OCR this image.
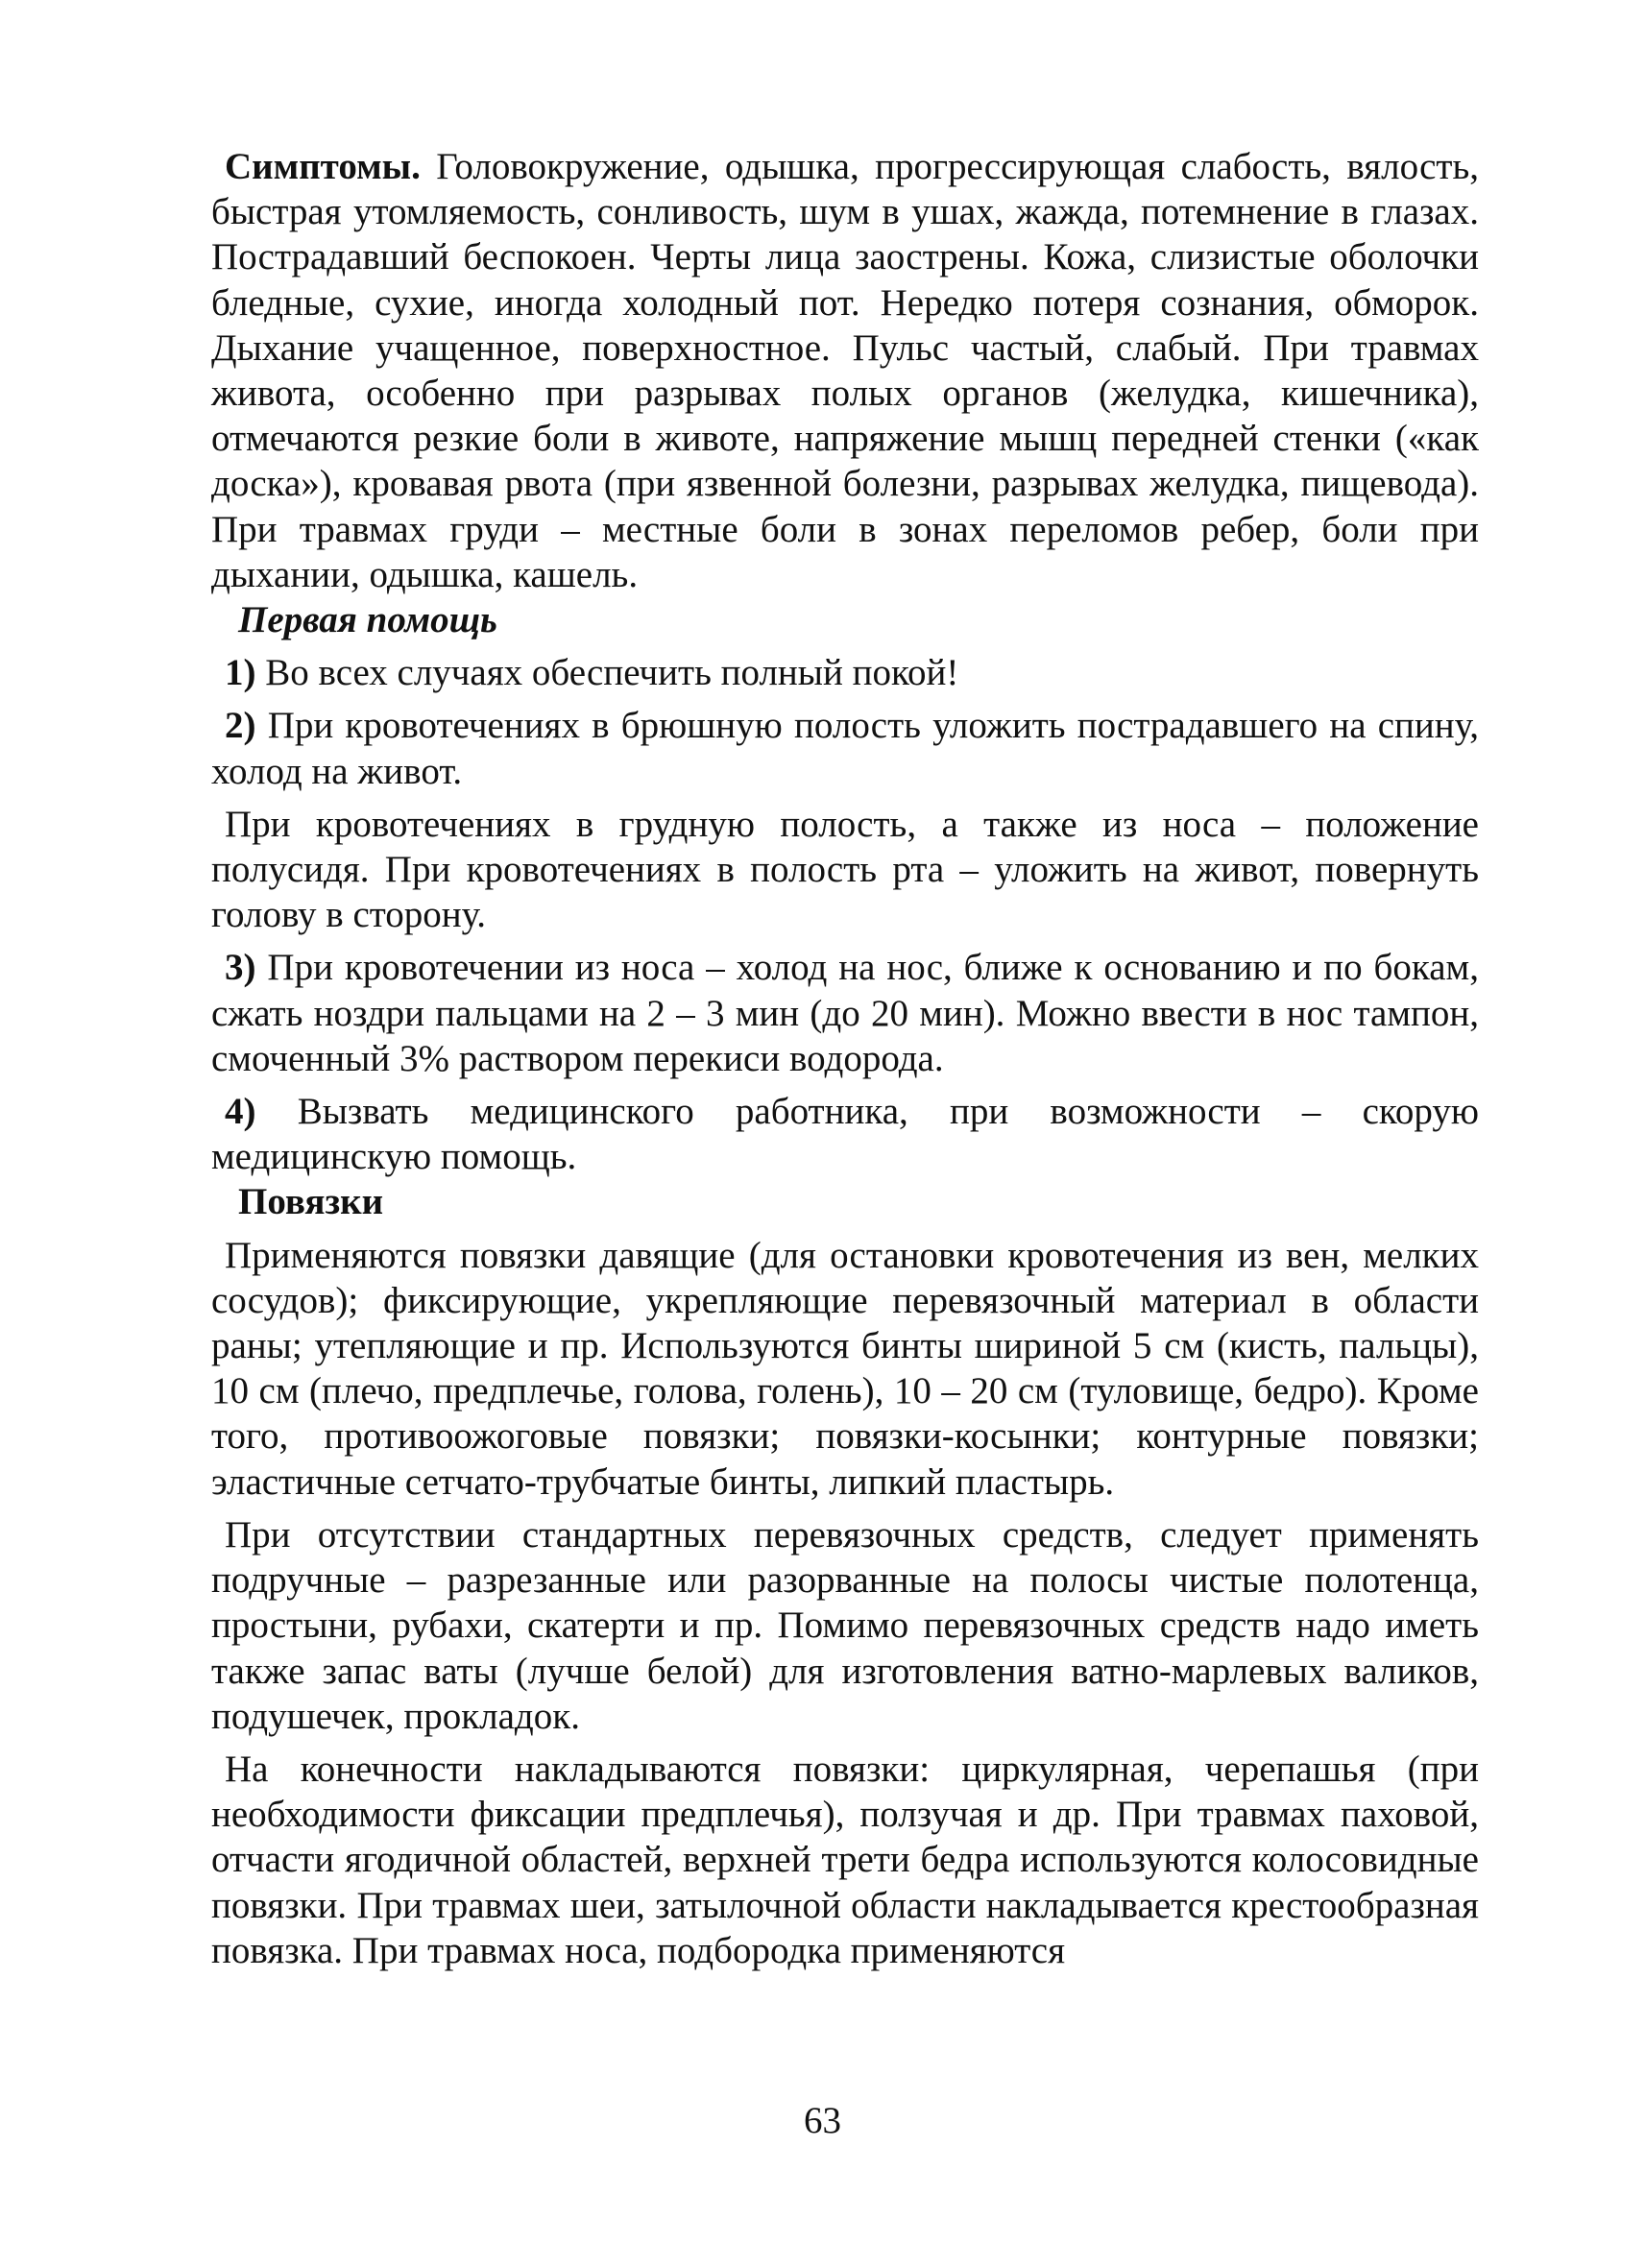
Симптомы. Головокружение, одышка, прогрессирующая слабость, вялость, быстрая утомляемость, сонливость, шум в ушах, жажда, потемнение в глазах. Пострадавший беспокоен. Черты лица заострены. Кожа, слизистые оболочки бледные, сухие, иногда холодный пот. Нередко потеря сознания, обморок. Дыхание учащенное, поверхностное. Пульс частый, слабый. При травмах живота, особенно при разрывах полых органов (желудка, кишечника), отмечаются резкие боли в животе, напряжение мышц передней стенки («как доска»), кровавая рвота (при язвенной болезни, разрывах желудка, пищевода). При травмах груди – местные боли в зонах переломов ребер, боли при дыхании, одышка, кашель.

Первая помощь

1) Во всех случаях обеспечить полный покой!

2) При кровотечениях в брюшную полость уложить пострадавшего на спину, холод на живот.

При кровотечениях в грудную полость, а также из носа – положение полусидя. При кровотечениях в полость рта – уложить на живот, повернуть голову в сторону.

3) При кровотечении из носа – холод на нос, ближе к основанию и по бокам, сжать ноздри пальцами на 2 – 3 мин (до 20 мин). Можно ввести в нос тампон, смоченный 3% раствором перекиси водорода.

4) Вызвать медицинского работника, при возможности – скорую медицинскую помощь.

Повязки

Применяются повязки давящие (для остановки кровотечения из вен, мелких сосудов); фиксирующие, укрепляющие перевязочный материал в области раны; утепляющие и пр. Используются бинты шириной 5 см (кисть, пальцы), 10 см (плечо, предплечье, голова, голень), 10 – 20 см (туловище, бедро). Кроме того, противоожоговые повязки; повязки-косынки; контурные повязки; эластичные сетчато-трубчатые бинты, липкий пластырь.

При отсутствии стандартных перевязочных средств, следует применять подручные – разрезанные или разорванные на полосы чистые полотенца, простыни, рубахи, скатерти и пр. Помимо перевязочных средств надо иметь также запас ваты (лучше белой) для изготовления ватно-марлевых валиков, подушечек, прокладок.

На конечности накладываются повязки: циркулярная, черепашья (при необходимости фиксации предплечья), ползучая и др. При травмах паховой, отчасти ягодичной областей, верхней трети бедра используются колосовидные повязки. При травмах шеи, затылочной области накладывается крестообразная повязка. При травмах носа, подбородка применяются

63
